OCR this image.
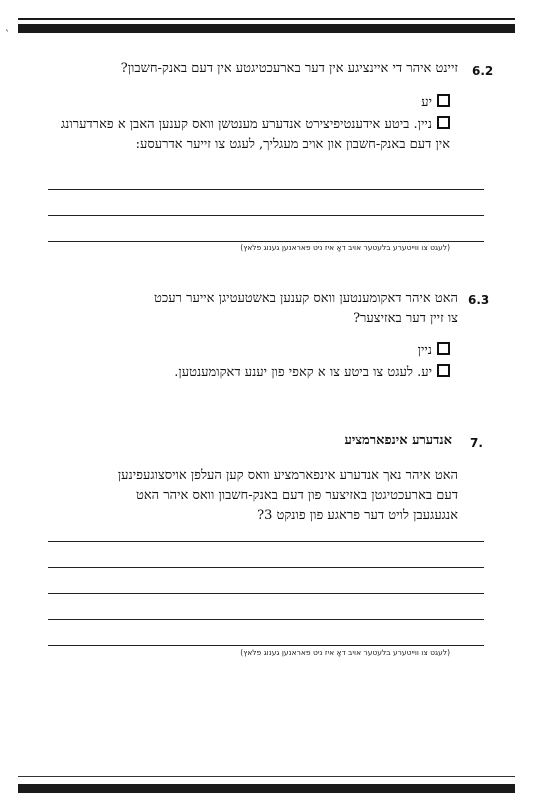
`
6.2
זיינט איהר די איינציגע אין דער בארעכטיגטע אין דעם באנק-חשבון?
יע
ניין. ביטע אידענטיפיצירט אנדערע מענטשן וואס קענען האבן א פארדערונג אין דעם באנק-חשבון און אויב מעגליך, לעגט צו זייער אדרעסע:
(לעגט צו ווייטערע בלעטער אויב דאָ איז ניט פאראנען גענוג פלאץ)
6.3
האט איהר דאקומענטען וואס קענען באשטעטיגן אייער רעכט צו זיין דער באזיצער?
ניין
יע. לעגט צו ביטע צו א קאפי פון יענע דאקומענטען.
7.
אנדערע אינפארמציע
האט איהר נאך אנדערע אינפארמציע וואס קען העלפן אויסצוגעפינען דעם בארעכטיגטן באזיצער פון דעם באנק-חשבון וואס איהר האט אנגעגעבן לויט דער פראגע פון פונקט 3?
(לעגט צו ווייטערע בלעטער אויב דאָ איז ניט פאראנען גענוג פלאץ)
